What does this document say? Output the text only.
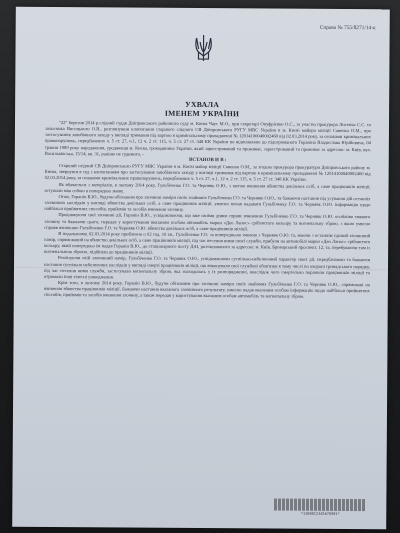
Справа № 755/8271/14-к
УХВАЛА
ІМЕНЕМ УКРАЇНИ

"22" березня 2014 р.слідчий суддя Дніпровського районного суду м. Києва Чаус М.О., при секретарі Онуфрієнко О.С., за участю прокурора Лисенка С.С. та захисника Висоцького О.В., розглянувши клопотання старшого слідчого СВ Дніпровського РУГУ МВС України в м. Києві майора міліції Савенка О.М., про застосування запобіжного заходу у вигляді тримання під вартою в кримінальному провадженні № 12014100040002460 від 02.03.2014 року, за ознаками кримінальних правопорушень, передбачених ч. 5 ст. 27, ч.1, 12 ч. 2 ст. 115, ч. 5 ст. 27 ст. 348 КК України по відношенню до підозрюваного Гораніна Владислава Юрійовича, 04 травня 1989 року народження, уродженця м. Києва, громадянина України, який зареєстрований та проживає, зареєстрований та проживає за адресою: м. Київ, вул. Васильківська, 15/14, кв. 31, раніше не судимого, -

ВСТАНОВ И В :

Старший слідчий СВ Дніпровського РУГУ МВС України в м. Києві майор міліції Савенок О.М., за згодою прокурора прокуратури Дніпровського району м. Києва, звернувся в суд з клопотанням про застосування запобіжного заходу у вигляді тримання під вартою в кримінальному провадженні № 12014100040002460 від 02.03.2014 року, за ознаками кримінальних правопорушень, передбачених ч. 5 ст. 27, ч.1, 12 ч. 2 ст. 115, ч. 5 ст. 27 ст. 348 КК України.

Як вбачається з матеріалів, в лютому 2014 року, Гульбіченко Г.О. та Чернявк О.Ю., з метою вчинення вбивства декількох осіб, а саме працівників міліції, вступили між собою в попередню змову.

Отже, Горанін В.Ю., будучи обізнаним про злочинні наміри своїх знайомих Гульбіченко Г.О. та Чернявк О.Ю., та бажаючи настання під усування дій останніх злочинних наслідків у вигляді вбивства декількох осіб, а саме працівників міліції, умисно почав надавати Гульбіченку Г.О. та Чернявк О.Ю. інформацію щодо найбільш прийнятних способів, прийомів та засобів вчинення злочину.

Продовжуючи свої злочинні дії, Горанін В.Ю., усвідомлюючи, що вже своїми діями сприяє вчиненню Гульбіченко Г.О. та Чернявк О.Ю. особливо тяжкого злочину та бажаючи цього, передав у користування вказаним особам автомобіль марки «Део Ланос» сріблястого кольору та вогнепальну зброю, з якою умисно сприяв вчиненню Гульбіченко Г.О. та Чернявк О.Ю. вбивства декількох осіб, а саме працівників міліції.

В подальшому, 02.03.2014 року приблизно о 02 год. 10 хв., Гульбіченко Г.О. за попередньою змовою з Чернявк О.Ю. та, маючи з останнім єдиний злочинний намір, спрямований на вбивство декількох осіб, а саме працівників міліції, під час несення ними своєї служби, прибули на автомобілі марки «Део Ланос» сріблястого кольору, який попередньо їм надав Горанін В.Ю., до стаціонарного посту ДАІ, розташованого за адресою: м. Київ, Броварський проспект, 12, та, перебуваючи там із вогнепальною зброєю, підійшли до працівників міліції.

Реалізуючи свій злочинний намір, Гульбіченко Г.О. та Чернявк О.Ю., усвідомлюючи суспільно-небезпечний характер своєї дії, передбачаючи та бажаючи настання суспільно небезпечних наслідків у вигляді смерті працівників міліції, що виконували свої службові обов'язки в тому числі по охороні громадського порядку, під час несення ними служби, застосували вогнепальну зброю, яка знаходилась у їх розпорядженні, внаслідок чого смертельно поранили працівників міліції та отримали інші тілесні ушкодження.

Крім того, в лютому 2014 року, Горанін В.Ю., будучи обізнаним про злочинні наміри своїх знайомих Гульбіченко Г.О. та Чернявк О.Ю., спрямовані на вчинення вбивства працівників міліції, бажаючи настання вказаного злочинного результату, умисно надав вказаним особам інформацію щодо найбільш прийнятних способів, прийомів та засобів вчинення злочину, а також передав у користування вказаним особам автомобіль та вогнепальну зброю.

*1300012345678901*
